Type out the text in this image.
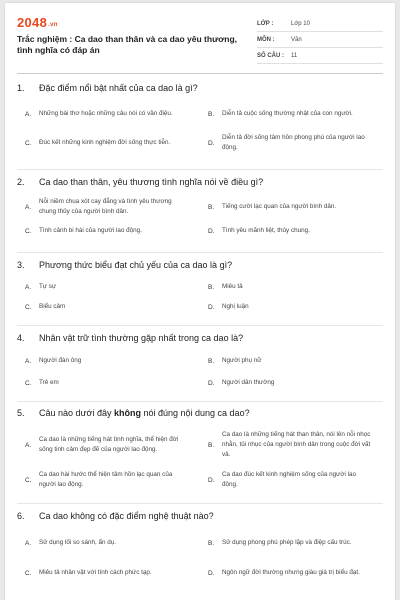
2048.vn
Trắc nghiệm : Ca dao than thân và ca dao yêu thương, tình nghĩa có đáp án
LỚP :	Lớp 10
MÔN :	Văn
SỐ CÂU :	11
1.	Đặc điểm nổi bật nhất của ca dao là gì?
A.	Những bài thơ hoặc những câu nói có vần điệu.	B.	Diễn tả cuộc sống thường nhật của con người.
C.	Đúc kết những kinh nghiệm đời sống thực tiễn.	D.
Diễn tả đời sống tâm hồn phong phú của người lao động.
2.	Ca dao than thân, yêu thương tình nghĩa nói về điều gì?
A.
Nỗi niềm chua xót cay đắng và tình yêu thương chung thủy của người bình dân.
B.	Tiếng cười lạc quan của người bình dân.
C.	Tình cảnh bi hài của người lao động.	D.	Tình yêu mãnh liệt, thủy chung.
3.	Phương thức biểu đạt chủ yếu của ca dao là gì?
A.	Tự sự	B.	Miêu tả
C.	Biểu cảm	D.	Nghị luận
4.	Nhân vật trữ tình thường gặp nhất trong ca dao là?
A.	Người đàn ông	B.	Người phụ nữ
C.	Trẻ em	D.	Người dân thường
5.	Câu nào dưới đây không nói đúng nội dung ca dao?
A.
Ca dao là những tiếng hát tình nghĩa, thể hiện đời sống tinh cảm đẹp đẽ của người lao động.
B.
Ca dao là những tiếng hát than thân, nói lên nỗi nhọc nhằn, tủi nhục của người bình dân trong cuộc đời vất vả.
C.
Ca dao hài hước thể hiện tâm hồn lạc quan của người lao động.
D.
Ca dao đúc kết kinh nghiệm sống của người lao động.
6.	Ca dao không có đặc điểm nghệ thuật nào?
A.	Sử dụng lối so sánh, ẩn dụ.	B.	Sử dụng phong phú phép lặp và điệp cấu trúc.
C.	Miêu tả nhân vật với tính cách phức tạp.	D.	Ngôn ngữ đời thường nhưng giàu giá trị biểu đạt.
